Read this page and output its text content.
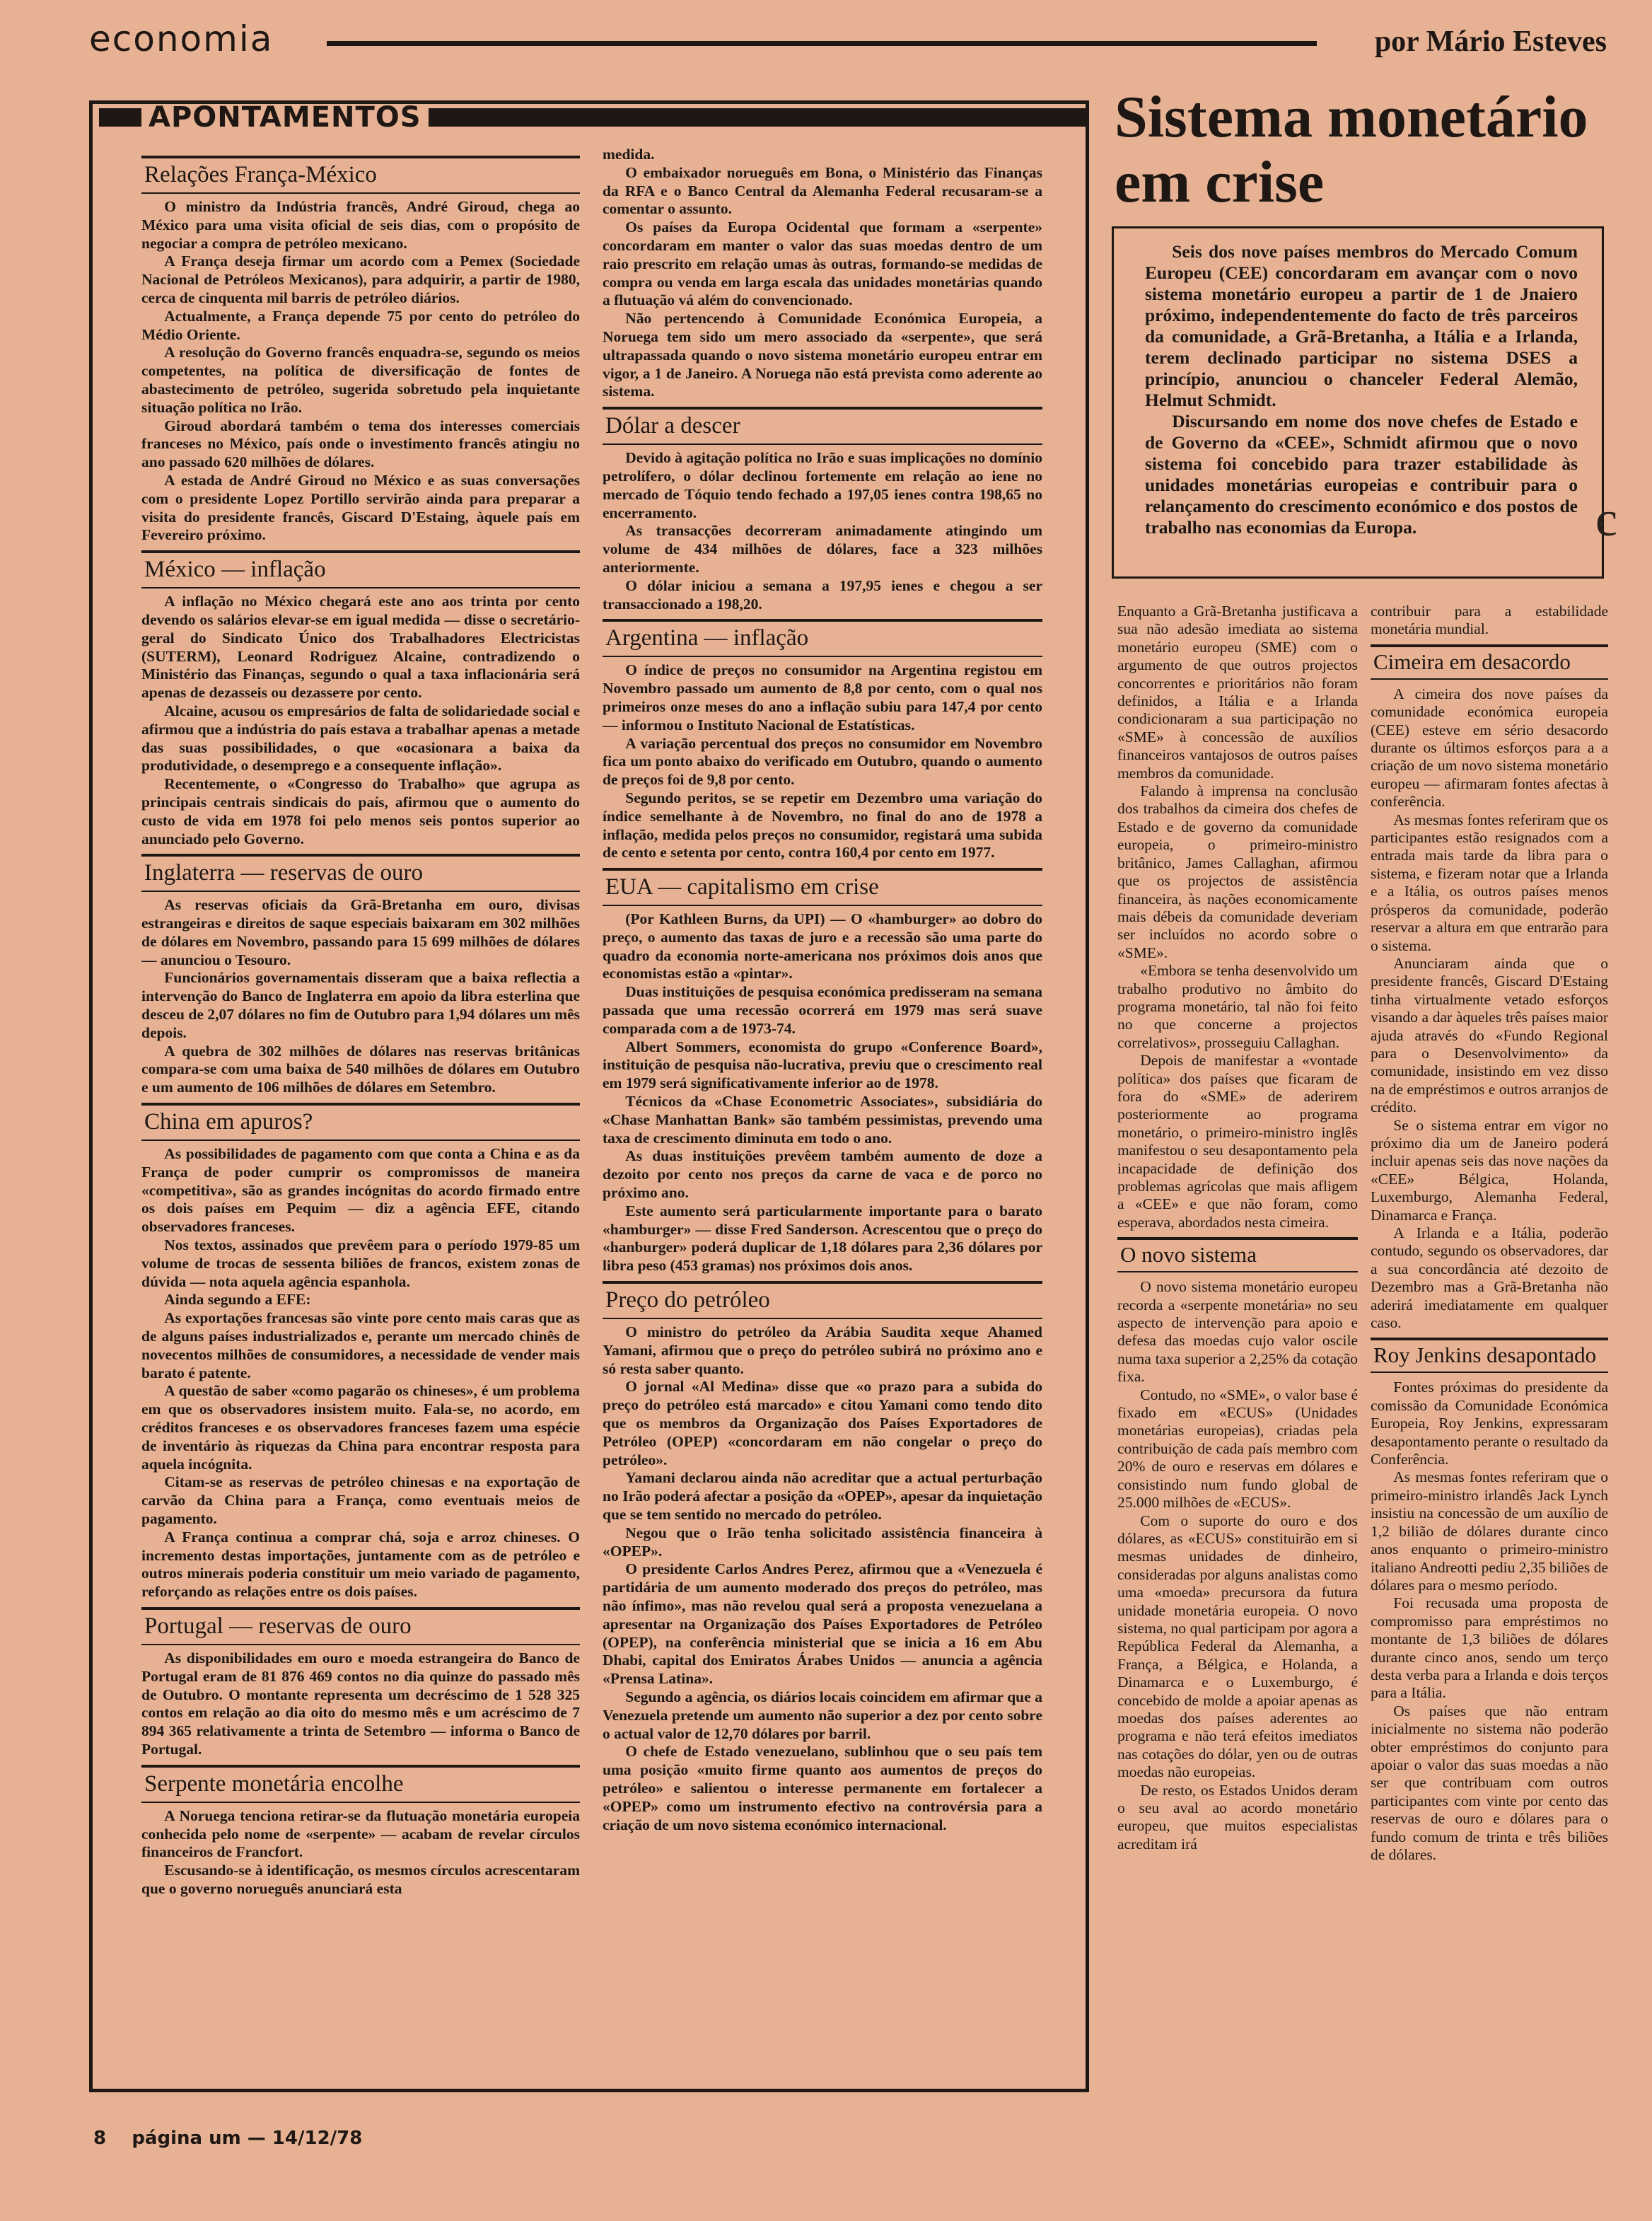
economia	por Mário Esteves
APONTAMENTOS
Relações França-México

O ministro da Indústria francês, André Giroud, chega ao México para uma visita oficial de seis dias, com o propósito de negociar a compra de petróleo mexicano.

A França deseja firmar um acordo com a Pemex (Sociedade Nacional de Petróleos Mexicanos), para adquirir, a partir de 1980, cerca de cinquenta mil barris de petróleo diários.

Actualmente, a França depende 75 por cento do petróleo do Médio Oriente.

A resolução do Governo francês enquadra-se, segundo os meios competentes, na política de diversificação de fontes de abastecimento de petróleo, sugerida sobretudo pela inquietante situação política no Irão.

Giroud abordará também o tema dos interesses comerciais franceses no México, país onde o investimento francês atingiu no ano passado 620 milhões de dólares.

A estada de André Giroud no México e as suas conversações com o presidente Lopez Portillo servirão ainda para preparar a visita do presidente francês, Giscard D'Estaing, àquele país em Fevereiro próximo.

México — inflação

A inflação no México chegará este ano aos trinta por cento devendo os salários elevar-se em igual medida — disse o secretário-geral do Sindicato Único dos Trabalhadores Electricistas (SUTERM), Leonard Rodriguez Alcaine, contradizendo o Ministério das Finanças, segundo o qual a taxa inflacionária será apenas de dezasseis ou dezasseте por cento.

Alcaine, acusou os empresários de falta de solidariedade social e afirmou que a indústria do país estava a trabalhar apenas a metade das suas possibilidades, o que «ocasionara a baixa da produtividade, o desemprego e a consequente inflação».

Recentemente, o «Congresso do Trabalho» que agrupa as principais centrais sindicais do país, afirmou que o aumento do custo de vida em 1978 foi pelo menos seis pontos superior ao anunciado pelo Governo.

Inglaterra — reservas de ouro

As reservas oficiais da Grã-Bretanha em ouro, divisas estrangeiras e direitos de saque especiais baixaram em 302 milhões de dólares em Novembro, passando para 15 699 milhões de dólares — anunciou o Tesouro.

Funcionários governamentais disseram que a baixa reflectia a intervenção do Banco de Inglaterra em apoio da libra esterlina que desceu de 2,07 dólares no fim de Outubro para 1,94 dólares um mês depois.

A quebra de 302 milhões de dólares nas reservas britânicas compara-se com uma baixa de 540 milhões de dólares em Outubro e um aumento de 106 milhões de dólares em Setembro.

China em apuros?

As possibilidades de pagamento com que conta a China e as da França de poder cumprir os compromissos de maneira «competitiva», são as grandes incógnitas do acordo firmado entre os dois países em Pequim — diz a agência EFE, citando observadores franceses.

Nos textos, assinados que prevêem para o período 1979-85 um volume de trocas de sessenta biliões de francos, existem zonas de dúvida — nota aquela agência espanhola.

Ainda segundo a EFE:

As exportações francesas são vinte pore cento mais caras que as de alguns países industrializados e, perante um mercado chinês de novecentos milhões de consumidores, a necessidade de vender mais barato é patente.

A questão de saber «como pagarão os chineses», é um problema em que os observadores insistem muito. Fala-se, no acordo, em créditos franceses e os observadores franceses fazem uma espécie de inventário às riquezas da China para encontrar resposta para aquela incógnita.

Citam-se as reservas de petróleo chinesas e na exportação de carvão da China para a França, como eventuais meios de pagamento.

A França continua a comprar chá, soja e arroz chineses. O incremento destas importações, juntamente com as de petróleo e outros minerais poderia constituir um meio variado de pagamento, reforçando as relações entre os dois países.

Portugal — reservas de ouro

As disponibilidades em ouro e moeda estrangeira do Banco de Portugal eram de 81 876 469 contos no dia quinze do passado mês de Outubro. O montante representa um decréscimo de 1 528 325 contos em relação ao dia oito do mesmo mês e um acréscimo de 7 894 365 relativamente a trinta de Setembro — informa o Banco de Portugal.

Serpente monetária encolhe

A Noruega tenciona retirar-se da flutuação monetária europeia conhecida pelo nome de «serpente» — acabam de revelar círculos financeiros de Francfort.

Escusando-se à identificação, os mesmos círculos acrescentaram que o governo norueguês anunciará esta

medida.

O embaixador norueguês em Bona, o Ministério das Finanças da RFA e o Banco Central da Alemanha Federal recusaram-se a comentar o assunto.

Os países da Europa Ocidental que formam a «serpente» concordaram em manter o valor das suas moedas dentro de um raio prescrito em relação umas às outras, formando-se medidas de compra ou venda em larga escala das unidades monetárias quando a flutuação vá além do convencionado.

Não pertencendo à Comunidade Económica Europeia, a Noruega tem sido um mero associado da «serpente», que será ultrapassada quando o novo sistema monetário europeu entrar em vigor, a 1 de Janeiro. A Noruega não está prevista como aderente ao sistema.

Dólar a descer

Devido à agitação política no Irão e suas implicações no domínio petrolífero, o dólar declinou fortemente em relação ao iene no mercado de Tóquio tendo fechado a 197,05 ienes contra 198,65 no encerramento.

As transacções decorreram animadamente atingindo um volume de 434 milhões de dólares, face a 323 milhões anteriormente.

O dólar iniciou a semana a 197,95 ienes e chegou a ser transaccionado a 198,20.

Argentina — inflação

O índice de preços no consumidor na Argentina registou em Novembro passado um aumento de 8,8 por cento, com o qual nos primeiros onze meses do ano a inflação subiu para 147,4 por cento — informou o Instituto Nacional de Estatísticas.

A variação percentual dos preços no consumidor em Novembro fica um ponto abaixo do verificado em Outubro, quando o aumento de preços foi de 9,8 por cento.

Segundo peritos, se se repetir em Dezembro uma variação do índice semelhante à de Novembro, no final do ano de 1978 a inflação, medida pelos preços no consumidor, registará uma subida de cento e setenta por cento, contra 160,4 por cento em 1977.

EUA — capitalismo em crise

(Por Kathleen Burns, da UPI) — O «hamburger» ao dobro do preço, o aumento das taxas de juro e a recessão são uma parte do quadro da economia norte-americana nos próximos dois anos que economistas estão a «pintar».

Duas instituições de pesquisa económica predisseram na semana passada que uma recessão ocorrerá em 1979 mas será suave comparada com a de 1973-74.

Albert Sommers, economista do grupo «Conference Board», instituição de pesquisa não-lucrativa, previu que o crescimento real em 1979 será significativamente inferior ao de 1978.

Técnicos da «Chase Econometric Associates», subsidiária do «Chase Manhattan Bank» são também pessimistas, prevendo uma taxa de crescimento diminuta em todo o ano.

As duas instituições prevêem também aumento de doze a dezoito por cento nos preços da carne de vaca e de porco no próximo ano.

Este aumento será particularmente importante para o barato «hamburger» — disse Fred Sanderson. Acrescentou que o preço do «hanburger» poderá duplicar de 1,18 dólares para 2,36 dólares por libra peso (453 gramas) nos próximos dois anos.

Preço do petróleo

O ministro do petróleo da Arábia Saudita xeque Ahamed Yamani, afirmou que o preço do petróleo subirá no próximo ano e só resta saber quanto.

O jornal «Al Medina» disse que «o prazo para a subida do preço do petróleo está marcado» e citou Yamani como tendo dito que os membros da Organização dos Países Exportadores de Petróleo (OPEP) «concordaram em não congelar o preço do petróleo».

Yamani declarou ainda não acreditar que a actual perturbação no Irão poderá afectar a posição da «OPEP», apesar da inquietação que se tem sentido no mercado do petróleo.

Negou que o Irão tenha solicitado assistência financeira à «OPEP».

O presidente Carlos Andres Perez, afirmou que a «Venezuela é partidária de um aumento moderado dos preços do petróleo, mas não ínfimo», mas não revelou qual será a proposta venezuelana a apresentar na Organização dos Países Exportadores de Petróleo (OPEP), na conferência ministerial que se inicia a 16 em Abu Dhabi, capital dos Emiratos Árabes Unidos — anuncia a agência «Prensa Latina».

Segundo a agência, os diários locais coincidem em afirmar que a Venezuela pretende um aumento não superior a dez por cento sobre o actual valor de 12,70 dólares por barril.

O chefe de Estado venezuelano, sublinhou que o seu país tem uma posição «muito firme quanto aos aumentos de preços do petróleo» e salientou o interesse permanente em fortalecer a «OPEP» como um instrumento efectivo na controvérsia para a criação de um novo sistema económico internacional.

Sistema monetário em crise

Seis dos nove países membros do Mercado Comum Europeu (CEE) concordaram em avançar com o novo sistema monetário europeu a partir de 1 de Jnaiero próximo, independentemente do facto de três parceiros da comunidade, a Grã-Bretanha, a Itália e a Irlanda, terem declinado participar no sistema DSES a princípio, anunciou o chanceler Federal Alemão, Helmut Schmidt.

Discursando em nome dos nove chefes de Estado e de Governo da «CEE», Schmidt afirmou que o novo sistema foi concebido para trazer estabilidade às unidades monetárias europeias e contribuir para o relançamento do crescimento económico e dos postos de trabalho nas economias da Europa.	c

Enquanto a Grã-Bretanha justificava a sua não adesão imediata ao sistema monetário europeu (SME) com o argumento de que outros projectos concorrentes e prioritários não foram definidos, a Itália e a Irlanda condicionaram a sua participação no «SME» à concessão de auxílios financeiros vantajosos de outros países membros da comunidade.

Falando à imprensa na conclusão dos trabalhos da cimeira dos chefes de Estado e de governo da comunidade europeia, o primeiro-ministro britânico, James Callaghan, afirmou que os projectos de assistência financeira, às nações economicamente mais débeis da comunidade deveriam ser incluídos no acordo sobre o «SME».

«Embora se tenha desenvolvido um trabalho produtivo no âmbito do programa monetário, tal não foi feito no que concerne a projectos correlativos», prosseguiu Callaghan.

Depois de manifestar a «vontade política» dos países que ficaram de fora do «SME» de aderirem posteriormente ao programa monetário, o primeiro-ministro inglês manifestou o seu desapontamento pela incapacidade de definição dos problemas agrícolas que mais afligem a «CEE» e que não foram, como esperava, abordados nesta cimeira.

O novo sistema

O novo sistema monetário europeu recorda a «serpente monetária» no seu aspecto de intervenção para apoio e defesa das moedas cujo valor oscile numa taxa superior a 2,25% da cotação fixa.

Contudo, no «SME», o valor base é fixado em «ECUS» (Unidades monetárias europeias), criadas pela contribuição de cada país membro com 20% de ouro e reservas em dólares e consistindo num fundo global de 25.000 milhões de «ECUS».

Com o suporte do ouro e dos dólares, as «ECUS» constituirão em si mesmas unidades de dinheiro, consideradas por alguns analistas como uma «moeda» precursora da futura unidade monetária europeia. O novo sistema, no qual participam por agora a República Federal da Alemanha, a França, a Bélgica, e Holanda, a Dinamarca e o Luxemburgo, é concebido de molde a apoiar apenas as moedas dos países aderentes ao programa e não terá efeitos imediatos nas cotações do dólar, yen ou de outras moedas não europeias.

De resto, os Estados Unidos deram o seu aval ao acordo monetário europeu, que muitos especialistas acreditam irá

contribuir para a estabilidade monetária mundial.

Cimeira em desacordo

A cimeira dos nove países da comunidade económica europeia (CEE) esteve em sério desacordo durante os últimos esforços para a a criação de um novo sistema monetário europeu — afirmaram fontes afectas à conferência.

As mesmas fontes referiram que os participantes estão resignados com a entrada mais tarde da libra para o sistema, e fizeram notar que a Irlanda e a Itália, os outros países menos prósperos da comunidade, poderão reservar a altura em que entrarão para o sistema.

Anunciaram ainda que o presidente francês, Giscard D'Estaing tinha virtualmente vetado esforços visando a dar àqueles três países maior ajuda através do «Fundo Regional para o Desenvolvimento» da comunidade, insistindo em vez disso na de empréstimos e outros arranjos de crédito.

Se o sistema entrar em vigor no próximo dia um de Janeiro poderá incluir apenas seis das nove nações da «CEE» Bélgica, Holanda, Luxemburgo, Alemanha Federal, Dinamarca e França.

A Irlanda e a Itália, poderão contudo, segundo os observadores, dar a sua concordância até dezoito de Dezembro mas a Grã-Bretanha não aderirá imediatamente em qualquer caso.

Roy Jenkins desapontado

Fontes próximas do presidente da comissão da Comunidade Económica Europeia, Roy Jenkins, expressaram desapontamento perante o resultado da Conferência.

As mesmas fontes referiram que o primeiro-ministro irlandês Jack Lynch insistiu na concessão de um auxílio de 1,2 bilião de dólares durante cinco anos enquanto o primeiro-ministro italiano Andreotti pediu 2,35 biliões de dólares para o mesmo período.

Foi recusada uma proposta de compromisso para empréstimos no montante de 1,3 biliões de dólares durante cinco anos, sendo um terço desta verba para a Irlanda e dois terços para a Itália.

Os países que não entram inicialmente no sistema não poderão obter empréstimos do conjunto para apoiar o valor das suas moedas a não ser que contribuam com outros participantes com vinte por cento das reservas de ouro e dólares para o fundo comum de trinta e três biliões de dólares.

8 página um — 14/12/78
